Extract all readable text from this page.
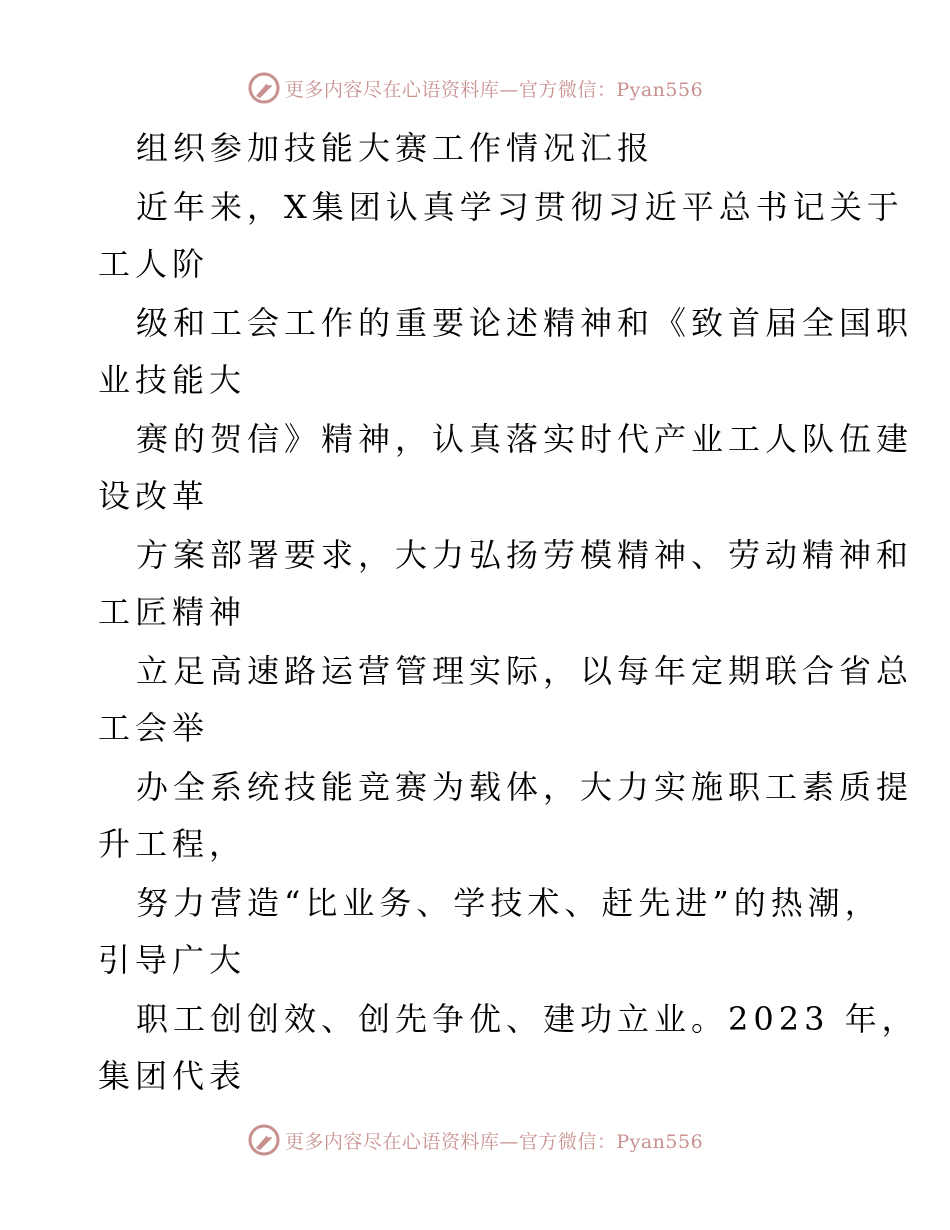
更多内容尽在心语资料库—官方微信：Pyan556
组织参加技能大赛工作情况汇报
近年来，X集团认真学习贯彻习近平总书记关于
工人阶
级和工会工作的重要论述精神和《致首届全国职
业技能大
赛的贺信》精神，认真落实时代产业工人队伍建
设改革
方案部署要求，大力弘扬劳模精神、劳动精神和
工匠精神
立足高速路运营管理实际，以每年定期联合省总
工会举
办全系统技能竞赛为载体，大力实施职工素质提
升工程，
努力营造“比业务、学技术、赶先进”的热潮，
引导广大
职工创创效、创先争优、建功立业。2023 年，
集团代表
更多内容尽在心语资料库—官方微信：Pyan556
